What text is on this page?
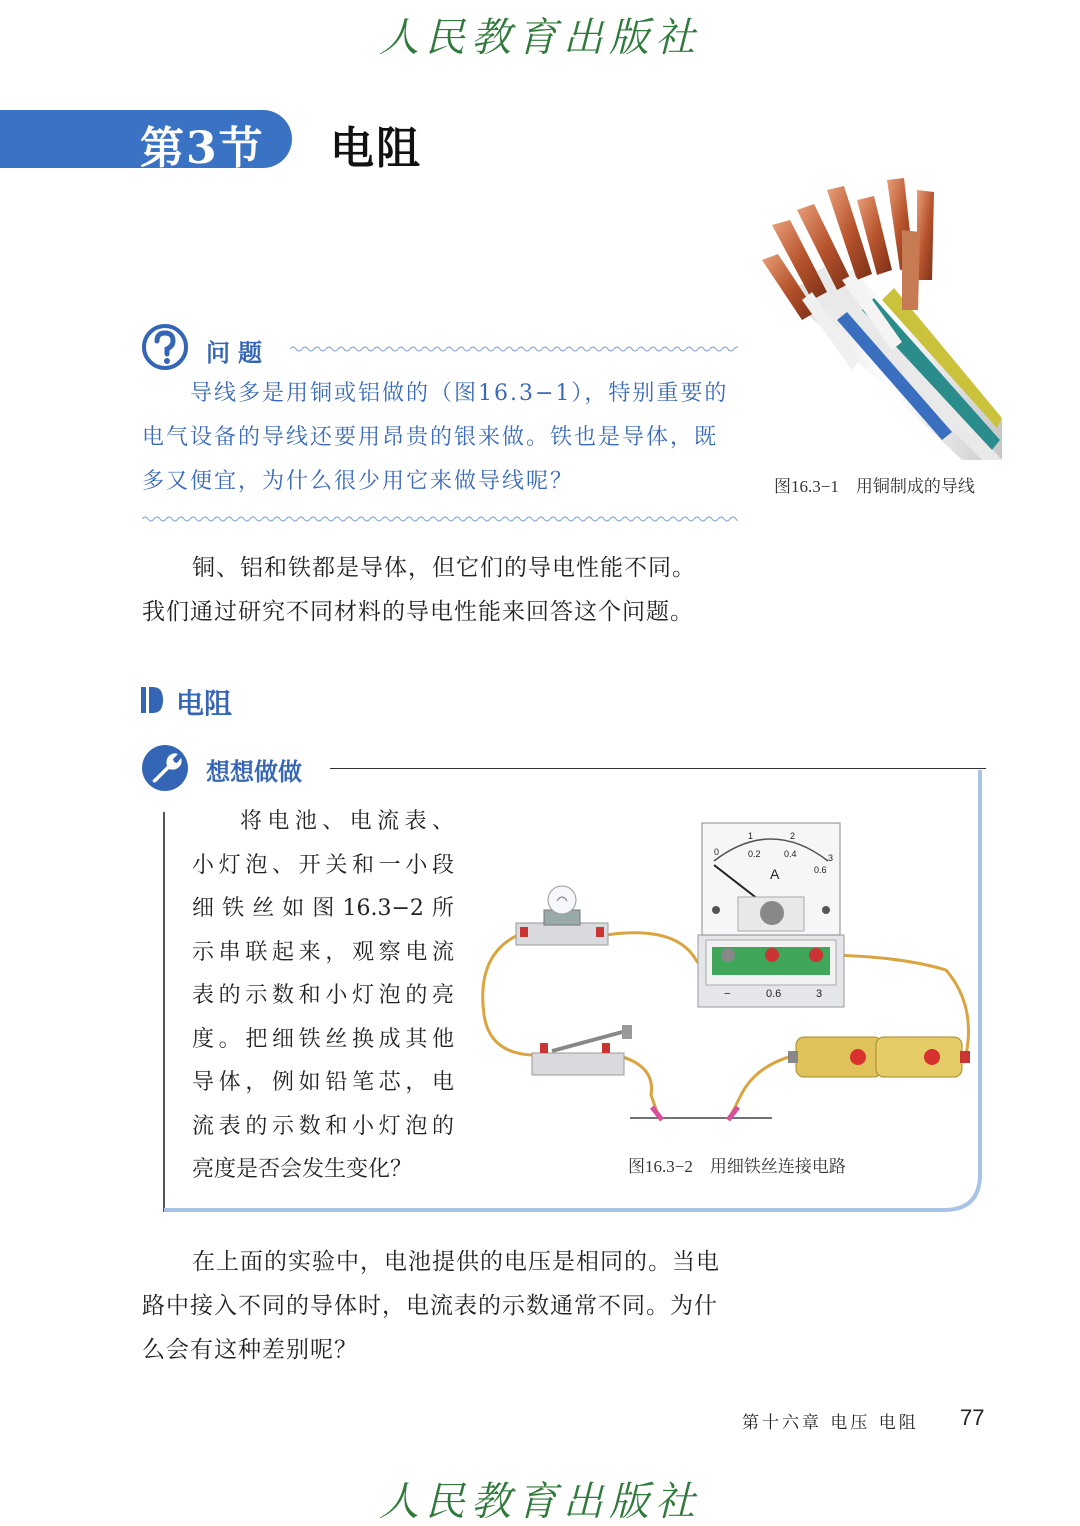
人民教育出版社
第3节 电阻
图16.3−1    用铜制成的导线
问题
导线多是用铜或铝做的（图16.3−1），特别重要的
电气设备的导线还要用昂贵的银来做。铁也是导体，既
多又便宜，为什么很少用它来做导线呢？
铜、铝和铁都是导体，但它们的导电性能不同。
我们通过研究不同材料的导电性能来回答这个问题。
电阻
想想做做
将电池、电流表、
小灯泡、开关和一小段
细铁丝如图16.3−2所
示串联起来，观察电流
表的示数和小灯泡的亮
度。把细铁丝换成其他
导体，例如铅笔芯，电
流表的示数和小灯泡的
亮度是否会发生变化？
A
0	0.2	0.4
0.6
1	2
3
−	0.6	3
图16.3−2    用细铁丝连接电路
在上面的实验中，电池提供的电压是相同的。当电
路中接入不同的导体时，电流表的示数通常不同。为什
么会有这种差别呢？
第十六章 电压 电阻 77
人民教育出版社
